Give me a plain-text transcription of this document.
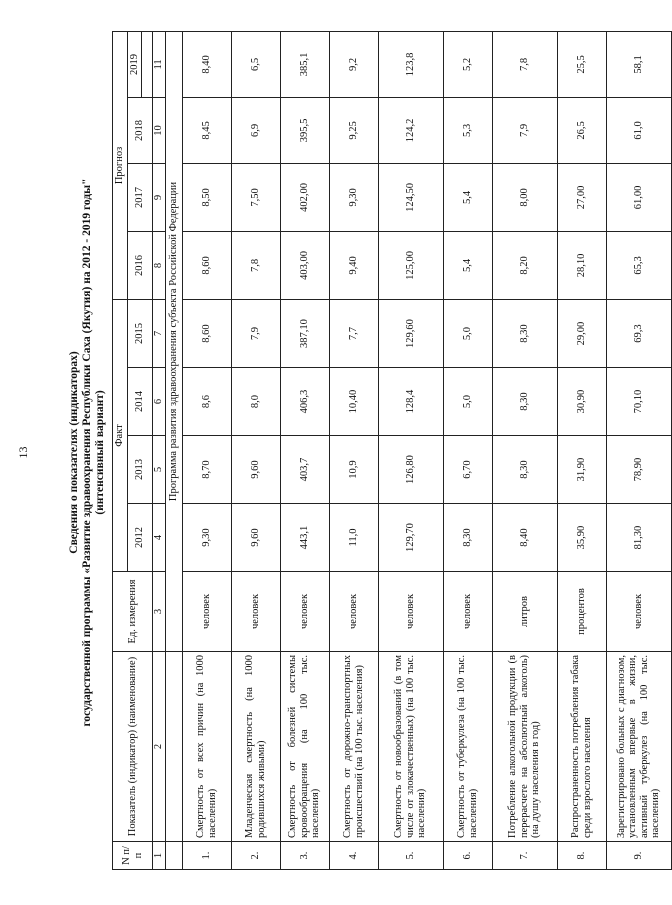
13	Сведения о показателях (индикаторах) государственной программы «Развитие здравоохранения Республики Саха (Якутия) на 2012 - 2019 годы" (интенсивный вариант)
N п/п	Показатель (индикатор) (наименование)	Ед. измерения	Факт				Прогноз			
			2012	2013	2014	2015	2016	2017	2018	2019

1	2	3	4	5	6	7	8	9	10	11
		Программа развития здравоохранения субъекта Российской Федерации								
1.	Смертность от всех причин (на 1000 населения)	человек	9,30	8,70	8,6	8,60	8,60	8,50	8,45	8,40
2.	Младенческая смертность (на 1000 родившихся живыми)	человек	9,60	9,60	8,0	7,9	7,8	7,50	6,9	6,5
3.	Смертность от болезней системы кровообращения (на 100 тыс. населения)	человек	443,1	403,7	406,3	387,10	403,00	402,00	395,5	385,1
4.	Смертность от дорожно-транспортных происшествий (на 100 тыс. населения)	человек	11,0	10,9	10,40	7,7	9,40	9,30	9,25	9,2
5.	Смертность от новообразований (в том числе от злокачественных) (на 100 тыс. населения)	человек	129,70	126,80	128,4	129,60	125,00	124,50	124,2	123,8
6.	Смертность от туберкулеза (на 100 тыс. населения)	человек	8,30	6,70	5,0	5,0	5,4	5,4	5,3	5,2
7.	Потребление алкогольной продукции (в перерасчете на абсолютный алкоголь) (на душу населения в год)	литров	8,40	8,30	8,30	8,30	8,20	8,00	7,9	7,8
8.	Распространенность потребления табака среди взрослого населения	процентов	35,90	31,90	30,90	29,00	28,10	27,00	26,5	25,5
9.	Зарегистрировано больных с диагнозом, установленным впервые в жизни, активный туберкулез (на 100 тыс. населения)	человек	81,30	78,90	70,10	69,3	65,3	61,00	61,0	58,1
